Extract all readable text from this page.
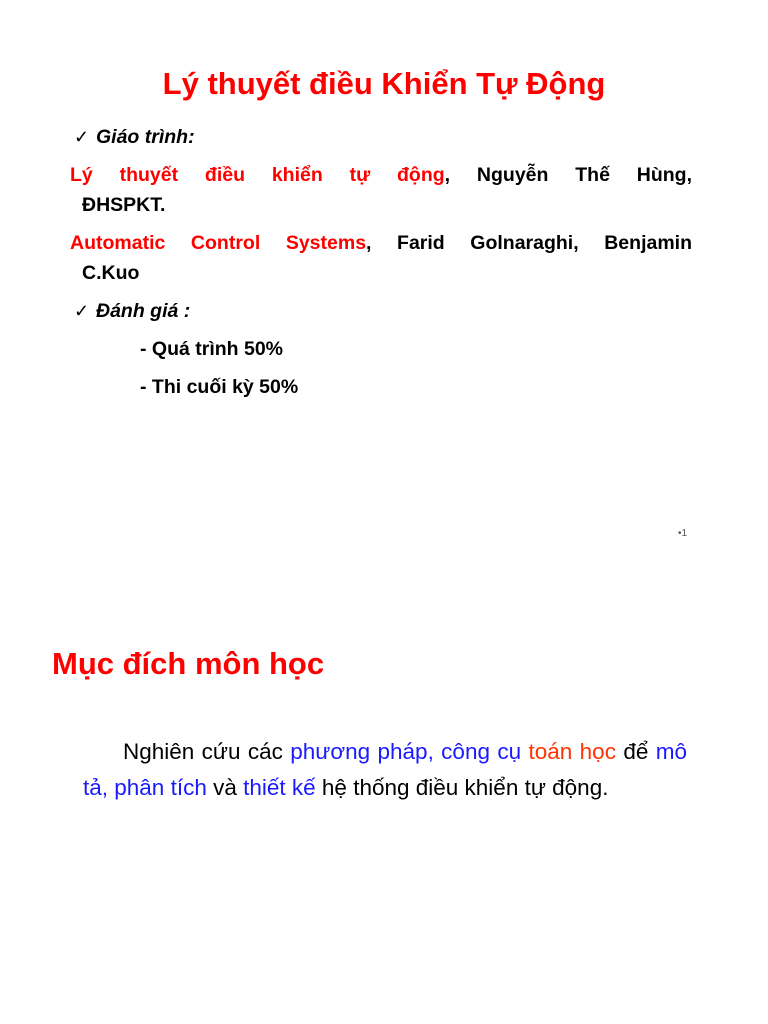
Lý thuyết điều Khiển Tự Động
✓ Giáo trình:
Lý thuyết điều khiển tự động, Nguyễn Thế Hùng,
ĐHSPKT.
Automatic Control Systems, Farid Golnaraghi, Benjamin
C.Kuo
✓ Đánh giá :
- Quá trình 50%
- Thi cuối kỳ 50%

•1

Mục đích môn học

Nghiên cứu các phương pháp, công cụ toán học để mô tả, phân tích và thiết kế hệ thống điều khiển tự động.
